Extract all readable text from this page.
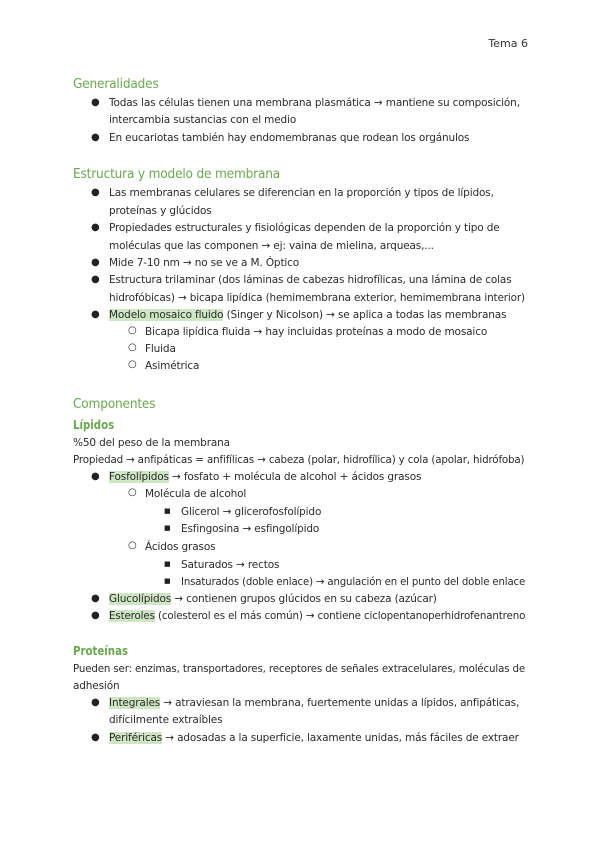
Tema 6
Generalidades
● Todas las células tienen una membrana plasmática → mantiene su composición,
intercambia sustancias con el medio
● En eucariotas también hay endomembranas que rodean los orgánulos
Estructura y modelo de membrana
● Las membranas celulares se diferencian en la proporción y tipos de lípidos,
proteínas y glúcidos
● Propiedades estructurales y fisiológicas dependen de la proporción y tipo de
moléculas que las componen → ej: vaina de mielina, arqueas,...
● Mide 7-10 nm → no se ve a M. Óptico
● Estructura trilaminar (dos láminas de cabezas hidrofílicas, una lámina de colas
hidrofóbicas) → bicapa lipídica (hemimembrana exterior, hemimembrana interior)
● Modelo mosaico fluido (Singer y Nicolson) → se aplica a todas las membranas
○ Bicapa lipídica fluida → hay incluidas proteínas a modo de mosaico
○ Fluida
○ Asimétrica
Componentes
Lípidos
%50 del peso de la membrana
Propiedad → anfipáticas = anfifílicas → cabeza (polar, hidrofílica) y cola (apolar, hidrófoba)
● Fosfolípidos → fosfato + molécula de alcohol + ácidos grasos
○ Molécula de alcohol
■ Glicerol → glicerofosfolípido
■ Esfingosina → esfingolípido
○ Ácidos grasos
■ Saturados → rectos
■ Insaturados (doble enlace) → angulación en el punto del doble enlace
● Glucolípidos → contienen grupos glúcidos en su cabeza (azúcar)
● Esteroles (colesterol es el más común) → contiene ciclopentanoperhidrofenantreno
Proteínas
Pueden ser: enzimas, transportadores, receptores de señales extracelulares, moléculas de
adhesión
● Integrales → atraviesan la membrana, fuertemente unidas a lípidos, anfipáticas,
difícilmente extraíbles
● Periféricas → adosadas a la superficie, laxamente unidas, más fáciles de extraer
